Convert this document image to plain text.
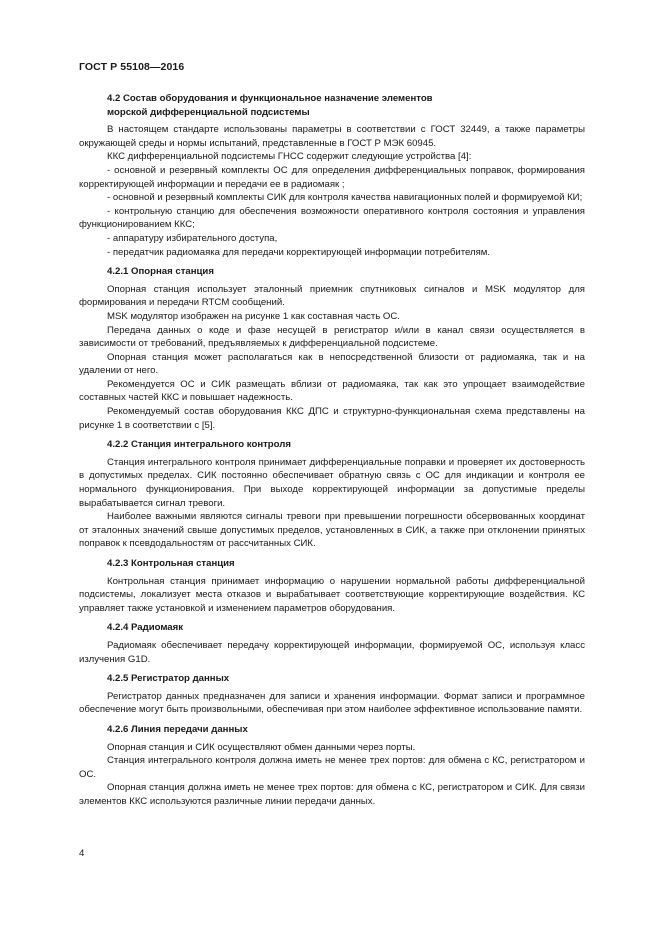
ГОСТ Р 55108—2016
4.2 Состав оборудования и функциональное назначение элементов
морской дифференциальной подсистемы

В настоящем стандарте использованы параметры в соответствии с ГОСТ 32449, а также параметры окружающей среды и нормы испытаний, представленные в ГОСТ Р МЭК 60945.

ККС дифференциальной подсистемы ГНСС содержит следующие устройства [4]:

- основной и резервный комплекты ОС для определения дифференциальных поправок, формирования корректирующей информации и передачи ее в радиомаяк ;

- основной и резервный комплекты СИК для контроля качества навигационных полей и формируемой КИ;

- контрольную станцию для обеспечения возможности оперативного контроля состояния и управления функционированием ККС;

- аппаратуру избирательного доступа,

- передатчик радиомаяка для передачи корректирующей информации потребителям.

4.2.1 Опорная станция

Опорная станция использует эталонный приемник спутниковых сигналов и MSK модулятор для формирования и передачи RTCM сообщений.

MSK модулятор изображен на рисунке 1 как составная часть ОС.

Передача данных о коде и фазе несущей в регистратор и/или в канал связи осуществляется в зависимости от требований, предъявляемых к дифференциальной подсистеме.

Опорная станция может располагаться как в непосредственной близости от радиомаяка, так и на удалении от него.

Рекомендуется ОС и СИК размещать вблизи от радиомаяка, так как это упрощает взаимодействие составных частей ККС и повышает надежность.

Рекомендуемый состав оборудования ККС ДПС и структурно-функциональная схема представлены на рисунке 1 в соответствии с [5].

4.2.2 Станция интегрального контроля

Станция интегрального контроля принимает дифференциальные поправки и проверяет их достоверность в допустимых пределах. СИК постоянно обеспечивает обратную связь с ОС для индикации и контроля ее нормального функционирования. При выходе корректирующей информации за допустимые пределы вырабатывается сигнал тревоги.

Наиболее важными являются сигналы тревоги при превышении погрешности обсервованных координат от эталонных значений свыше допустимых пределов, установленных в СИК, а также при отклонении принятых поправок к псевдодальностям от рассчитанных СИК.

4.2.3 Контрольная станция

Контрольная станция принимает информацию о нарушении нормальной работы дифференциальной подсистемы, локализует места отказов и вырабатывает соответствующие корректирующие воздействия. КС управляет также установкой и изменением параметров оборудования.

4.2.4 Радиомаяк

Радиомаяк обеспечивает передачу корректирующей информации, формируемой ОС, используя класс излучения G1D.

4.2.5 Регистратор данных

Регистратор данных предназначен для записи и хранения информации. Формат записи и программное обеспечение могут быть произвольными, обеспечивая при этом наиболее эффективное использование памяти.

4.2.6 Линия передачи данных

Опорная станция и СИК осуществляют обмен данными через порты.

Станция интегрального контроля должна иметь не менее трех портов: для обмена с КС, регистратором и ОС.

Опорная станция должна иметь не менее трех портов: для обмена с КС, регистратором и СИК. Для связи элементов ККС используются различные линии передачи данных.

4
